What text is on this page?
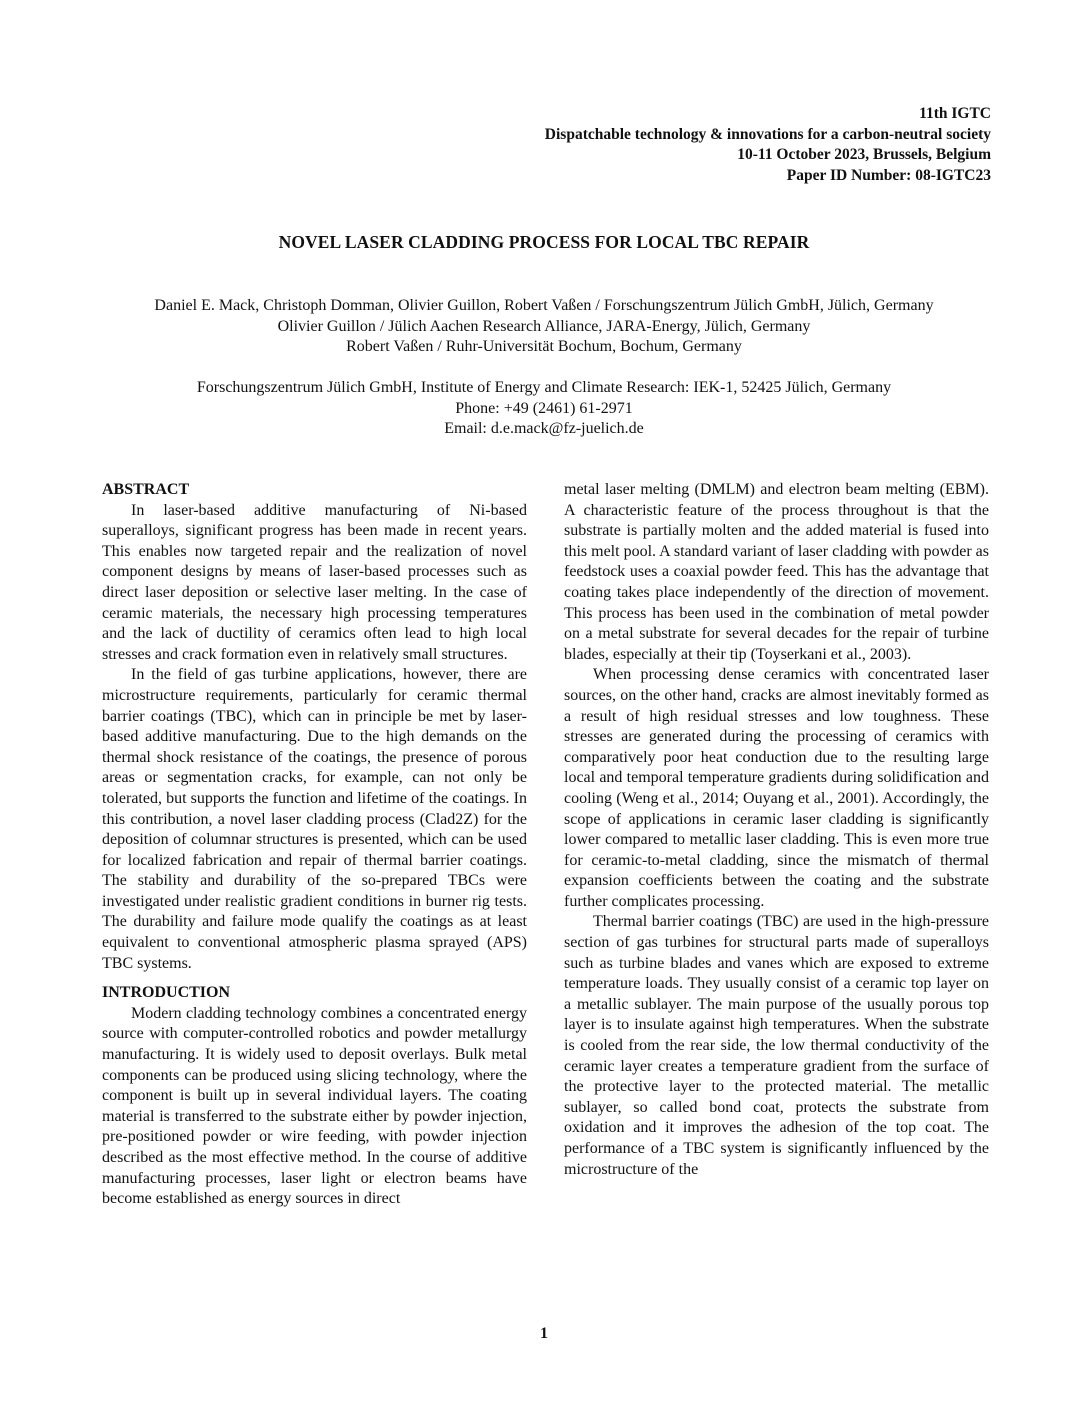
11th IGTC
Dispatchable technology & innovations for a carbon-neutral society
10-11 October 2023, Brussels, Belgium
Paper ID Number: 08-IGTC23
NOVEL LASER CLADDING PROCESS FOR LOCAL TBC REPAIR
Daniel E. Mack, Christoph Domman, Olivier Guillon, Robert Vaßen / Forschungszentrum Jülich GmbH, Jülich, Germany
Olivier Guillon / Jülich Aachen Research Alliance, JARA-Energy, Jülich, Germany
Robert Vaßen / Ruhr-Universität Bochum, Bochum, Germany
Forschungszentrum Jülich GmbH, Institute of Energy and Climate Research: IEK-1, 52425 Jülich, Germany
Phone: +49 (2461) 61-2971
Email: d.e.mack@fz-juelich.de
ABSTRACT

In laser-based additive manufacturing of Ni-based superalloys, significant progress has been made in recent years. This enables now targeted repair and the realization of novel component designs by means of laser-based processes such as direct laser deposition or selective laser melting. In the case of ceramic materials, the necessary high processing temperatures and the lack of ductility of ceramics often lead to high local stresses and crack formation even in relatively small structures.

In the field of gas turbine applications, however, there are microstructure requirements, particularly for ceramic thermal barrier coatings (TBC), which can in principle be met by laser-based additive manufacturing. Due to the high demands on the thermal shock resistance of the coatings, the presence of porous areas or segmentation cracks, for example, can not only be tolerated, but supports the function and lifetime of the coatings. In this contribution, a novel laser cladding process (Clad2Z) for the deposition of columnar structures is presented, which can be used for localized fabrication and repair of thermal barrier coatings. The stability and durability of the so-prepared TBCs were investigated under realistic gradient conditions in burner rig tests. The durability and failure mode qualify the coatings as at least equivalent to conventional atmospheric plasma sprayed (APS) TBC systems.

INTRODUCTION

Modern cladding technology combines a concentrated energy source with computer-controlled robotics and powder metallurgy manufacturing. It is widely used to deposit overlays. Bulk metal components can be produced using slicing technology, where the component is built up in several individual layers. The coating material is transferred to the substrate either by powder injection, pre-positioned powder or wire feeding, with powder injection described as the most effective method. In the course of additive manufacturing processes, laser light or electron beams have become established as energy sources in direct

metal laser melting (DMLM) and electron beam melting (EBM). A characteristic feature of the process throughout is that the substrate is partially molten and the added material is fused into this melt pool. A standard variant of laser cladding with powder as feedstock uses a coaxial powder feed. This has the advantage that coating takes place independently of the direction of movement. This process has been used in the combination of metal powder on a metal substrate for several decades for the repair of turbine blades, especially at their tip (Toyserkani et al., 2003).

When processing dense ceramics with concentrated laser sources, on the other hand, cracks are almost inevitably formed as a result of high residual stresses and low toughness. These stresses are generated during the processing of ceramics with comparatively poor heat conduction due to the resulting large local and temporal temperature gradients during solidification and cooling (Weng et al., 2014; Ouyang et al., 2001). Accordingly, the scope of applications in ceramic laser cladding is significantly lower compared to metallic laser cladding. This is even more true for ceramic-to-metal cladding, since the mismatch of thermal expansion coefficients between the coating and the substrate further complicates processing.

Thermal barrier coatings (TBC) are used in the high-pressure section of gas turbines for structural parts made of superalloys such as turbine blades and vanes which are exposed to extreme temperature loads. They usually consist of a ceramic top layer on a metallic sublayer. The main purpose of the usually porous top layer is to insulate against high temperatures. When the substrate is cooled from the rear side, the low thermal conductivity of the ceramic layer creates a temperature gradient from the surface of the protective layer to the protected material. The metallic sublayer, so called bond coat, protects the substrate from oxidation and it improves the adhesion of the top coat. The performance of a TBC system is significantly influenced by the microstructure of the

1
